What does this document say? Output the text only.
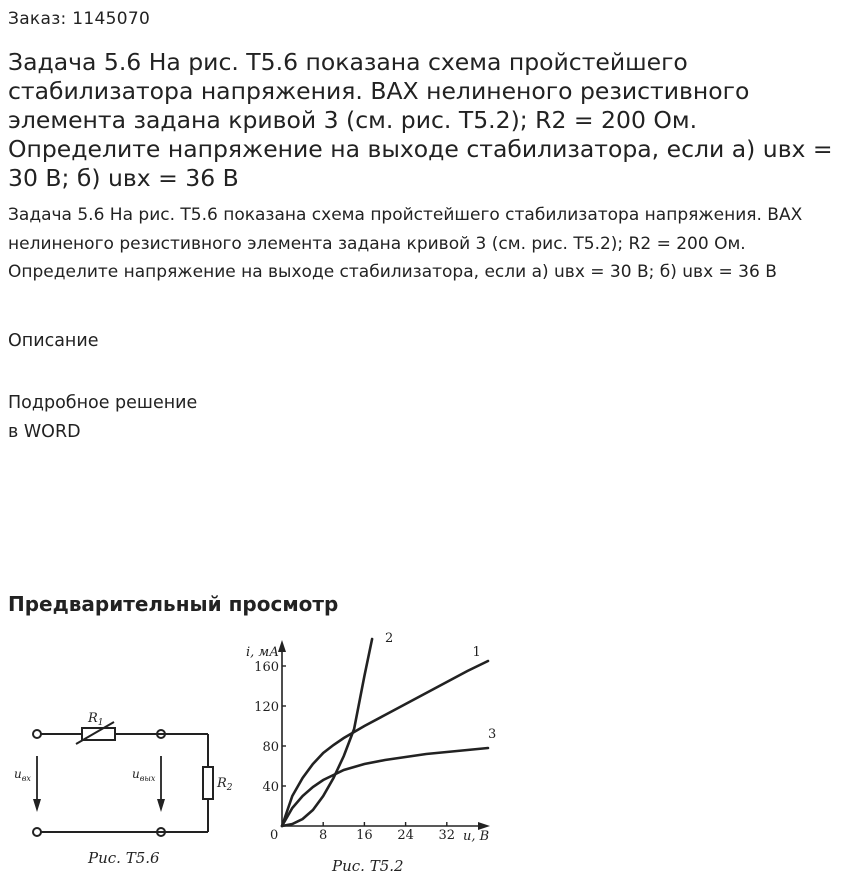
Заказ: 1145070
Задача 5.6 На рис. Т5.6 показана схема пройстейшего стабилизатора напряжения. ВАХ нелиненого резистивного элемента задана кривой 3 (см. рис. Т5.2); R2 = 200 Ом. Определите напряжение на выходе стабилизатора, если а) uвх = 30 В; б) uвх = 36 В

Задача 5.6 На рис. Т5.6 показана схема пройстейшего стабилизатора напряжения. ВАХ нелиненого резистивного элемента задана кривой 3 (см. рис. Т5.2); R2 = 200 Ом. Определите напряжение на выходе стабилизатора, если а) uвх = 30 В; б) uвх = 36 В

Описание
Подробное решение
в WORD
Предварительный просмотр
$R_1$
$R_2$
$u_{вх}$	$u_{вых}$
Рис. Т5.6
8 16 24 32
40
80
120
160
1
2
3
0
i, мА
u, В
Рис. Т5.2
